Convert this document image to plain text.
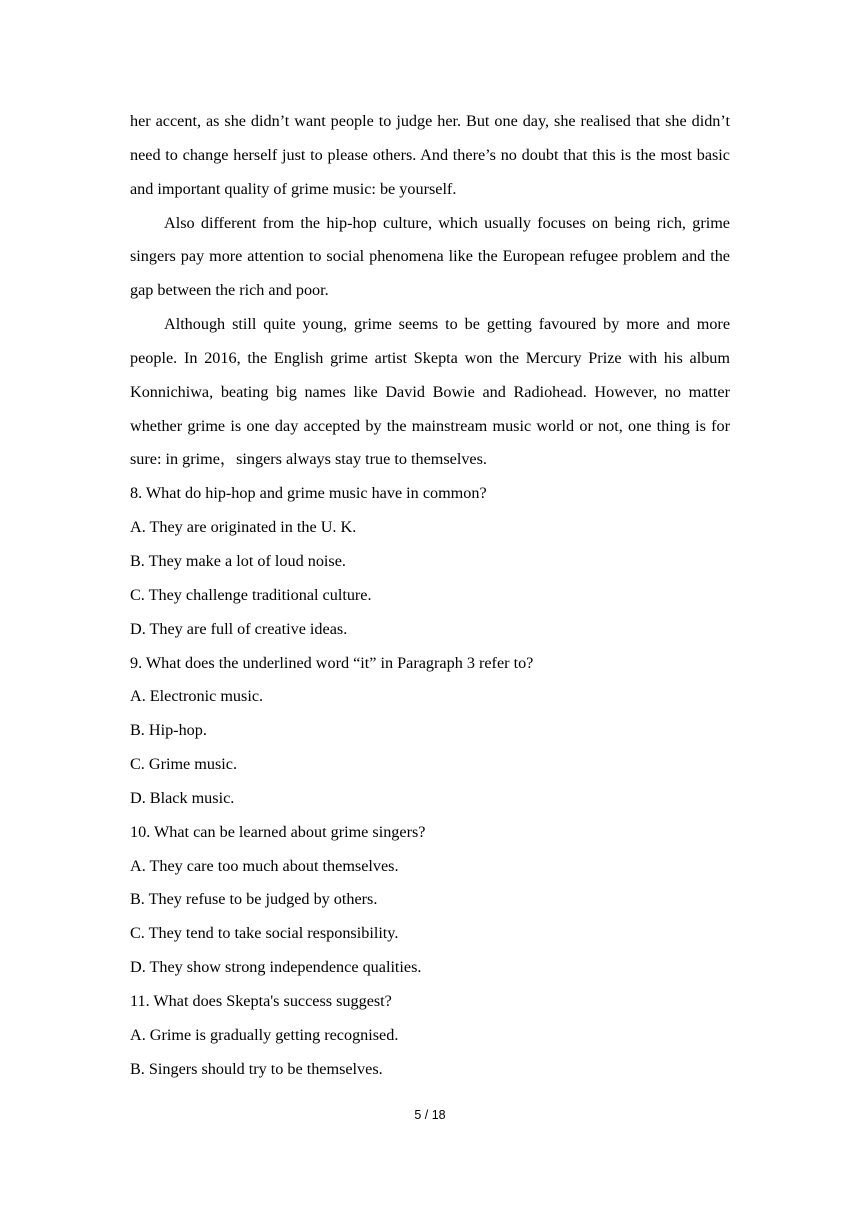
her accent, as she didn’t want people to judge her. But one day, she realised that she didn’t need to change herself just to please others. And there’s no doubt that this is the most basic and important quality of grime music: be yourself.

Also different from the hip-hop culture, which usually focuses on being rich, grime singers pay more attention to social phenomena like the European refugee problem and the gap between the rich and poor.

Although still quite young, grime seems to be getting favoured by more and more people. In 2016, the English grime artist Skepta won the Mercury Prize with his album Konnichiwa, beating big names like David Bowie and Radiohead. However, no matter whether grime is one day accepted by the mainstream music world or not, one thing is for sure: in grime，singers always stay true to themselves.

8. What do hip-hop and grime music have in common?

A. They are originated in the U. K.

B. They make a lot of loud noise.

C. They challenge traditional culture.

D. They are full of creative ideas.

9. What does the underlined word “it” in Paragraph 3 refer to?

A. Electronic music.

B. Hip-hop.

C. Grime music.

D. Black music.

10. What can be learned about grime singers?

A. They care too much about themselves.

B. They refuse to be judged by others.

C. They tend to take social responsibility.

D. They show strong independence qualities.

11. What does Skepta's success suggest?

A. Grime is gradually getting recognised.

B. Singers should try to be themselves.

5 / 18
